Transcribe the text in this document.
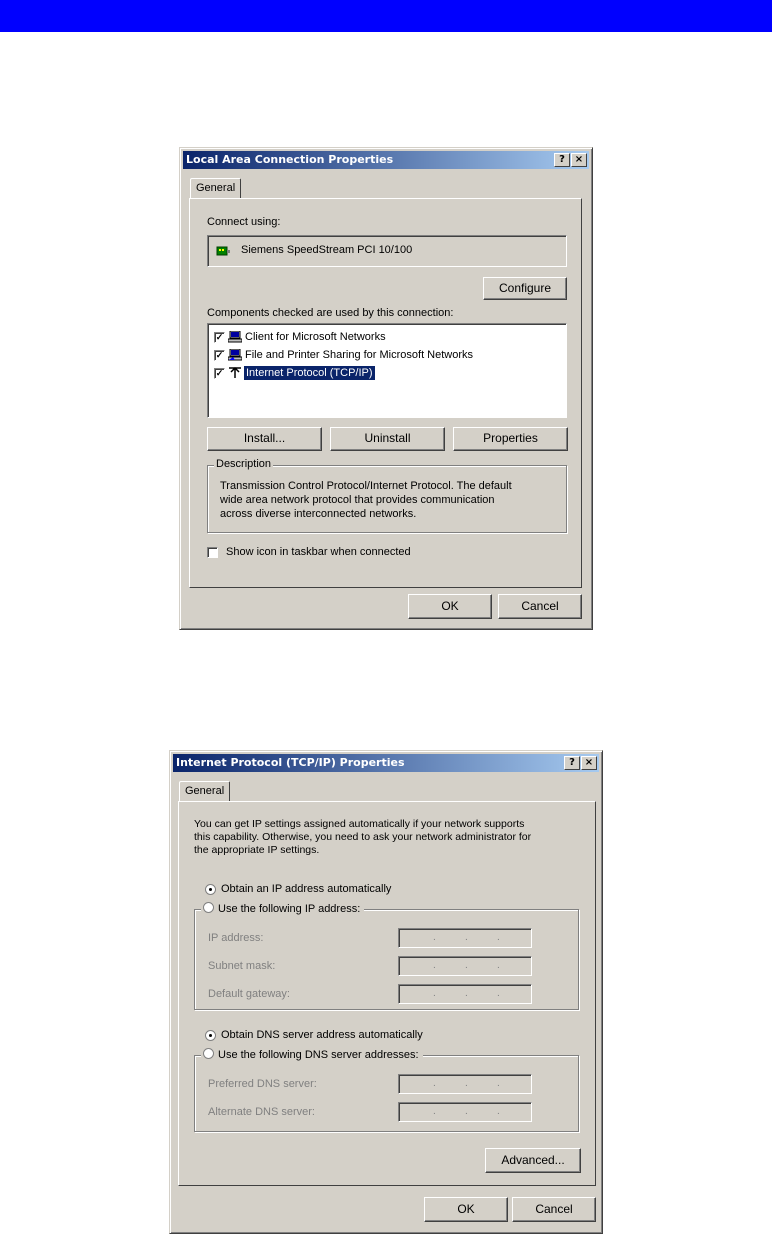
Local Area Connection Properties	? ×
General
Connect using:
Siemens SpeedStream PCI 10/100
Configure
Components checked are used by this connection:
✓ Client for Microsoft Networks
✓ File and Printer Sharing for Microsoft Networks
✓ Internet Protocol (TCP/IP)
Install...	Uninstall	Properties
Description
Transmission Control Protocol/Internet Protocol. The default
wide area network protocol that provides communication
across diverse interconnected networks.
Show icon in taskbar when connected
OK	Cancel
Internet Protocol (TCP/IP) Properties	? ×
General
You can get IP settings assigned automatically if your network supports
this capability. Otherwise, you need to ask your network administrator for
the appropriate IP settings.
Obtain an IP address automatically
Use the following IP address:
IP address:	.	.	.
Subnet mask:	.	.	.
Default gateway:	.	.	.
Obtain DNS server address automatically
Use the following DNS server addresses:
Preferred DNS server:	.	.	.
Alternate DNS server:	.	.	.
Advanced...
OK	Cancel
